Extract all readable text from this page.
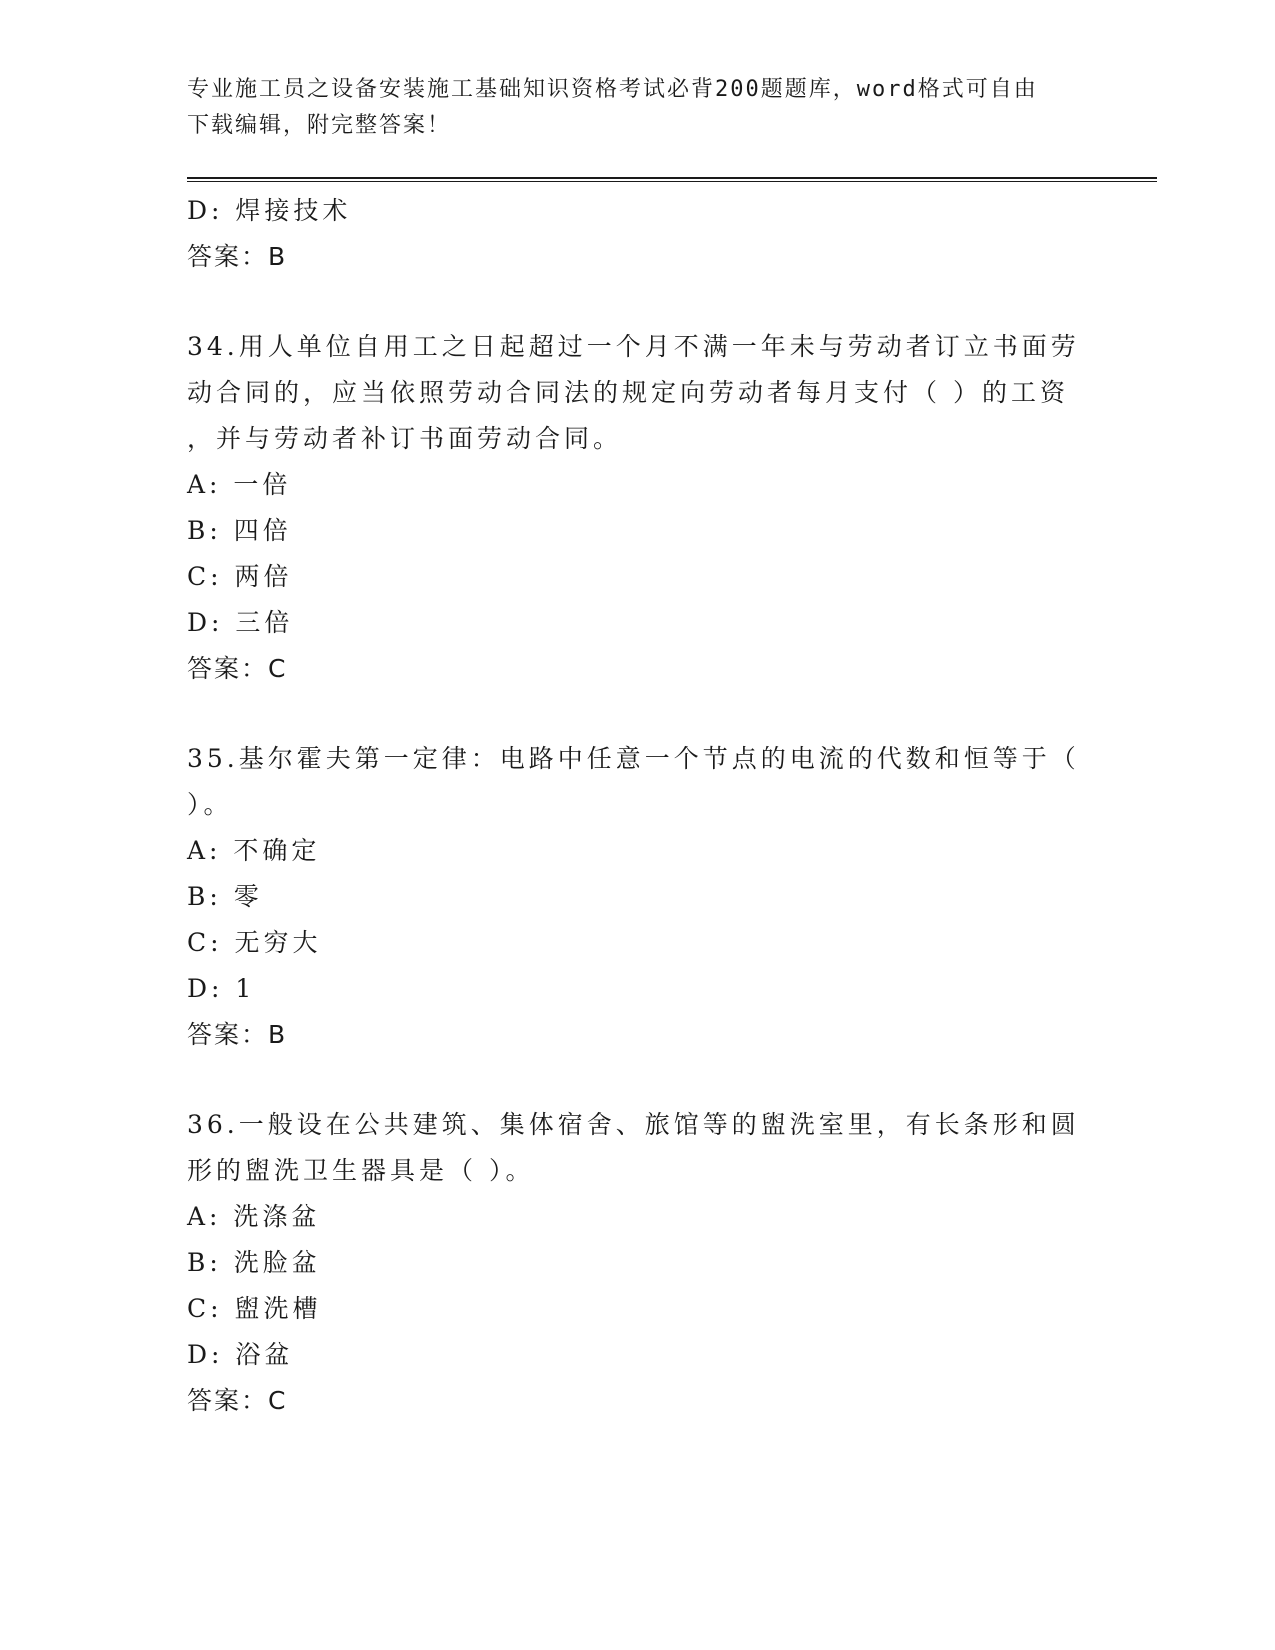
专业施工员之设备安装施工基础知识资格考试必背200题题库，word格式可自由
下载编辑，附完整答案！
D: 焊接技术
答案：B
34.用人单位自用工之日起超过一个月不满一年未与劳动者订立书面劳
动合同的，应当依照劳动合同法的规定向劳动者每月支付（ ）的工资
，并与劳动者补订书面劳动合同。
A: 一倍
B: 四倍
C: 两倍
D: 三倍
答案：C
35.基尔霍夫第一定律：电路中任意一个节点的电流的代数和恒等于（
）。
A: 不确定
B: 零
C: 无穷大
D: 1
答案：B
36.一般设在公共建筑、集体宿舍、旅馆等的盥洗室里，有长条形和圆
形的盥洗卫生器具是（ ）。
A: 洗涤盆
B: 洗脸盆
C: 盥洗槽
D: 浴盆
答案：C
